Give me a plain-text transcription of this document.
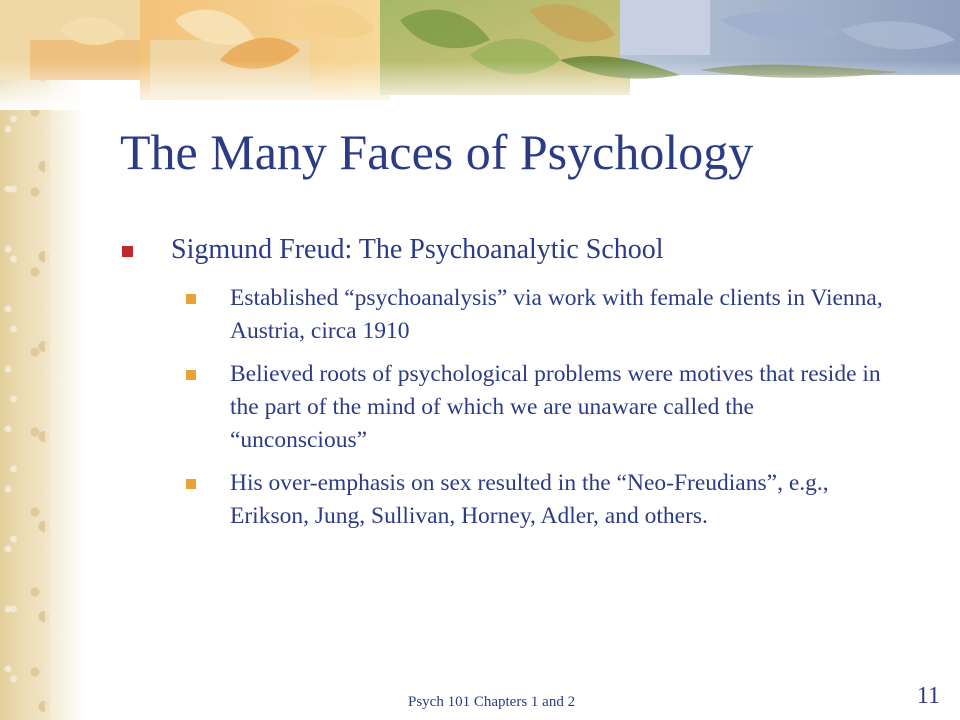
The Many Faces of Psychology
Sigmund Freud: The Psychoanalytic School
Established “psychoanalysis” via work with female clients in Vienna, Austria, circa 1910
Believed roots of psychological problems were motives that reside in the part of the mind of which we are unaware called the “unconscious”
His over-emphasis on sex resulted in the “Neo-Freudians”, e.g., Erikson, Jung, Sullivan, Horney, Adler, and others.
Psych 101 Chapters 1 and 2	11
